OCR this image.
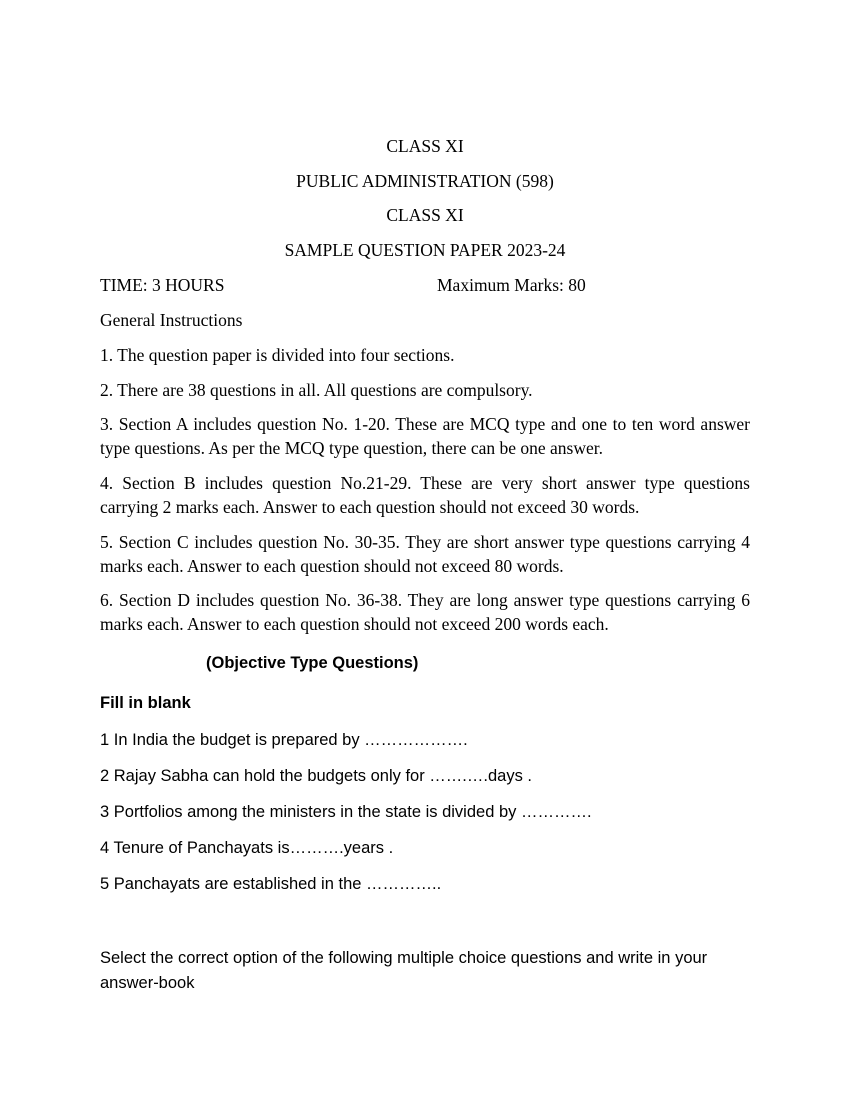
CLASS XI
PUBLIC ADMINISTRATION (598)
CLASS XI
SAMPLE QUESTION PAPER 2023-24
TIME: 3 HOURS	Maximum Marks: 80
General Instructions
1. The question paper is divided into four sections.
2. There are 38 questions in all. All questions are compulsory.
3. Section A includes question No. 1-20. These are MCQ type and one to ten word answer type questions. As per the MCQ type question, there can be one answer.
4. Section B includes question No.21-29. These are very short answer type questions carrying 2 marks each. Answer to each question should not exceed 30 words.
5. Section C includes question No. 30-35. They are short answer type questions carrying 4 marks each. Answer to each question should not exceed 80 words.
6. Section D includes question No. 36-38. They are long answer type questions carrying 6 marks each. Answer to each question should not exceed 200 words each.
(Objective Type Questions)
Fill in blank
1 In India the budget is prepared by ……………….
2 Rajay Sabha can hold the budgets only for …….….days .
3 Portfolios among the ministers in the state is divided by ………….
4 Tenure of Panchayats is……….years .
5 Panchayats are established in the …………..
Select the correct option of the following multiple choice questions and write in your answer-book
